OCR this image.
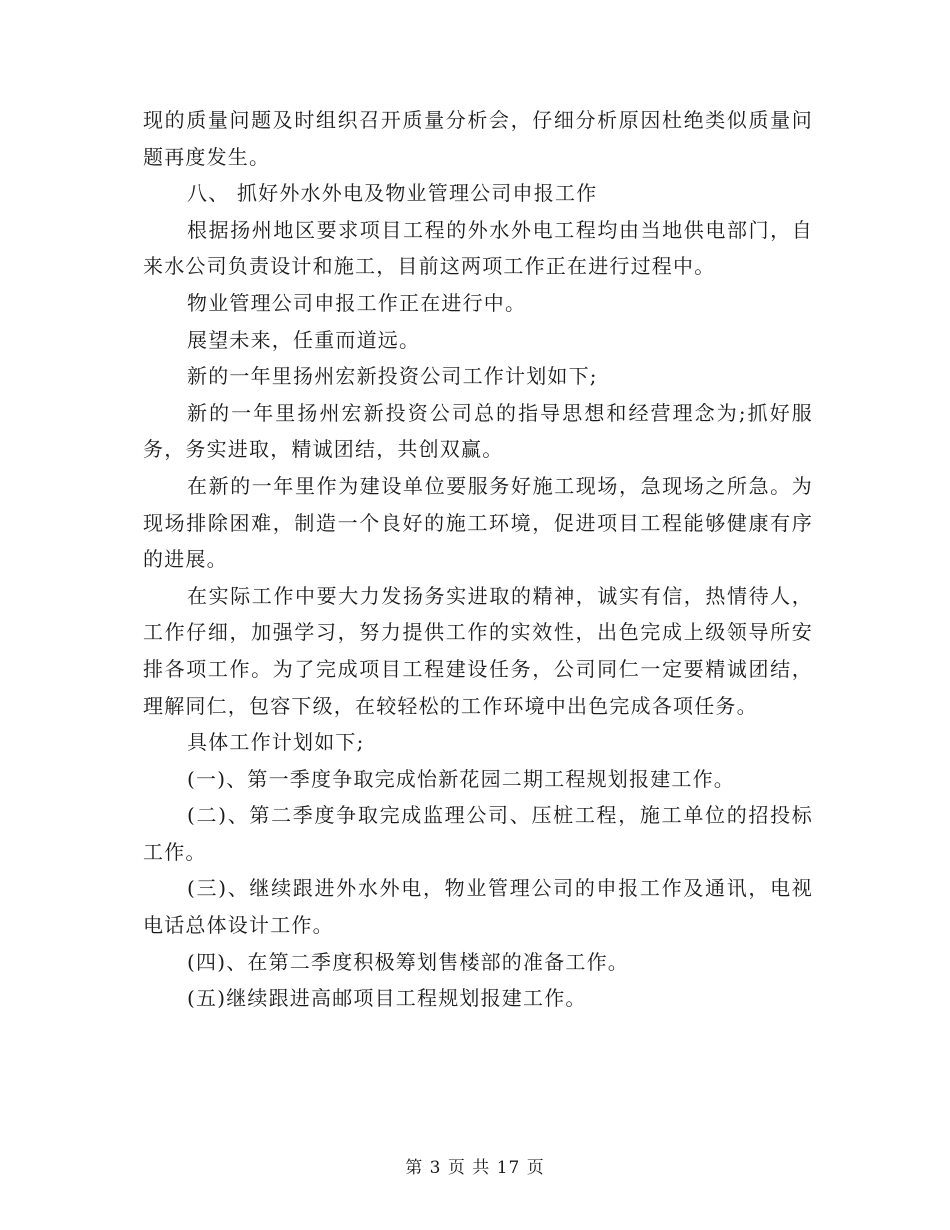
现的质量问题及时组织召开质量分析会，仔细分析原因杜绝类似质量问题再度发生。

八、 抓好外水外电及物业管理公司申报工作

根据扬州地区要求项目工程的外水外电工程均由当地供电部门，自来水公司负责设计和施工，目前这两项工作正在进行过程中。

物业管理公司申报工作正在进行中。

展望未来，任重而道远。

新的一年里扬州宏新投资公司工作计划如下;

新的一年里扬州宏新投资公司总的指导思想和经营理念为;抓好服务，务实进取，精诚团结，共创双赢。

在新的一年里作为建设单位要服务好施工现场，急现场之所急。为现场排除困难，制造一个良好的施工环境，促进项目工程能够健康有序的进展。

在实际工作中要大力发扬务实进取的精神，诚实有信，热情待人，工作仔细，加强学习，努力提供工作的实效性，出色完成上级领导所安排各项工作。为了完成项目工程建设任务，公司同仁一定要精诚团结，理解同仁，包容下级，在较轻松的工作环境中出色完成各项任务。

具体工作计划如下;

(一)、第一季度争取完成怡新花园二期工程规划报建工作。

(二)、第二季度争取完成监理公司、压桩工程，施工单位的招投标工作。

(三)、继续跟进外水外电，物业管理公司的申报工作及通讯，电视电话总体设计工作。

(四)、在第二季度积极筹划售楼部的准备工作。

(五)继续跟进高邮项目工程规划报建工作。

第 3 页 共 17 页
